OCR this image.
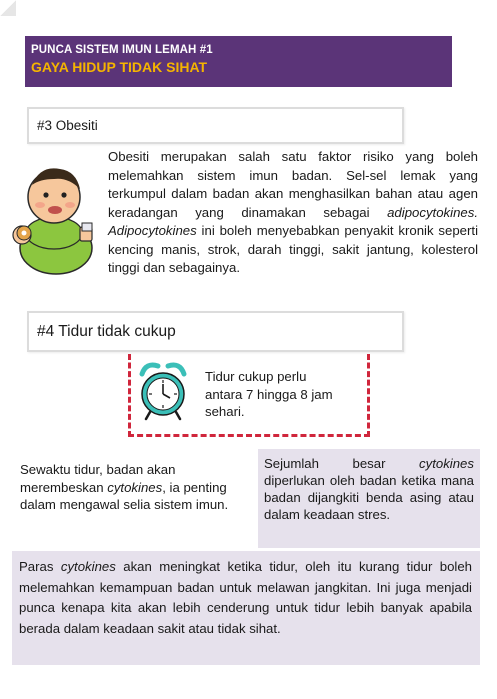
PUNCA SISTEM IMUN LEMAH #1
GAYA HIDUP TIDAK SIHAT
#3 Obesiti
Obesiti merupakan salah satu faktor risiko yang boleh melemahkan sistem imun badan. Sel-sel lemak yang terkumpul dalam badan akan menghasilkan bahan atau agen keradangan yang dinamakan sebagai adipocytokines. Adipocytokines ini boleh menyebabkan penyakit kronik seperti kencing manis, strok, darah tinggi, sakit jantung, kolesterol tinggi dan sebagainya.
#4 Tidur tidak cukup
Tidur cukup perlu antara 7 hingga 8 jam sehari.
Sewaktu tidur, badan akan merembeskan cytokines, ia penting dalam mengawal selia sistem imun.
Sejumlah besar cytokines diperlukan oleh badan ketika mana badan dijangkiti benda asing atau dalam keadaan stres.
Paras cytokines akan meningkat ketika tidur, oleh itu kurang tidur boleh melemahkan kemampuan badan untuk melawan jangkitan. Ini juga menjadi punca kenapa kita akan lebih cenderung untuk tidur lebih banyak apabila berada dalam keadaan sakit atau tidak sihat.
